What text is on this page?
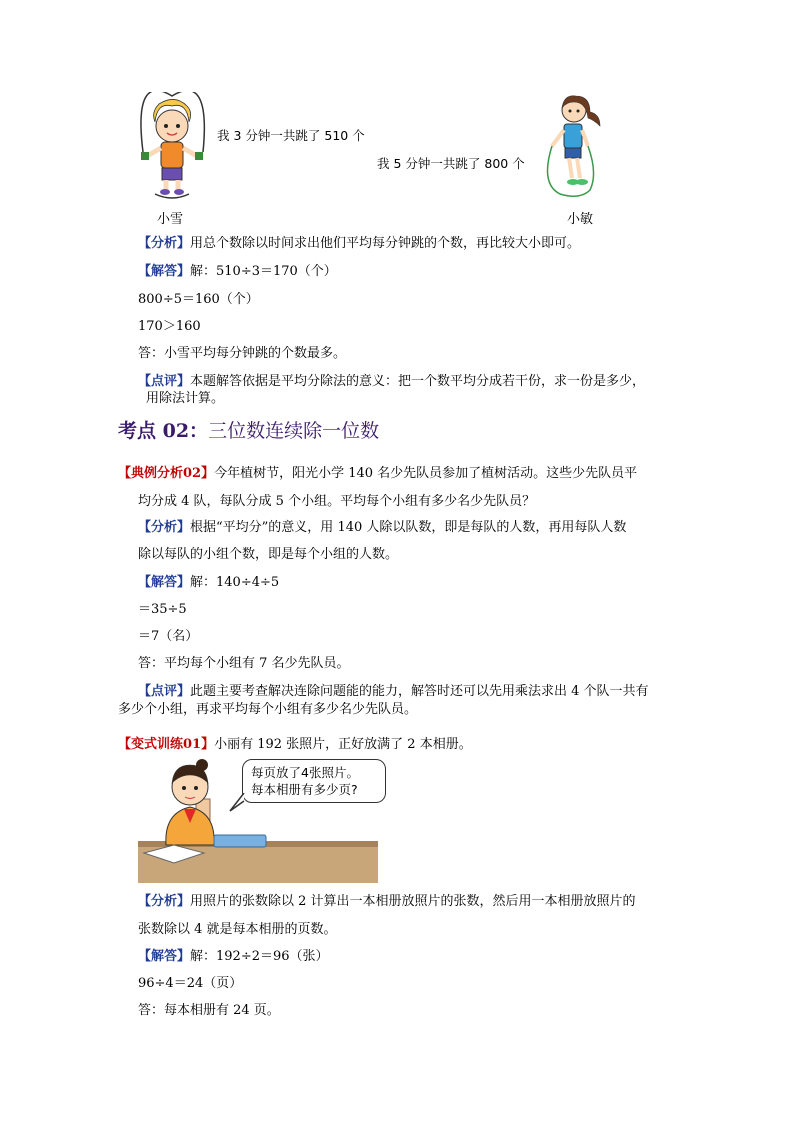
我 3 分钟一共跳了 510 个
我 5 分钟一共跳了 800 个
小雪	小敏
【分析】用总个数除以时间求出他们平均每分钟跳的个数，再比较大小即可。
【解答】解：510÷3＝170（个）
800÷5＝160（个）
170＞160
答：小雪平均每分钟跳的个数最多。
【点评】本题解答依据是平均分除法的意义：把一个数平均分成若干份，求一份是多少，
用除法计算。
考点 02：三位数连续除一位数
【典例分析02】今年植树节，阳光小学 140 名少先队员参加了植树活动。这些少先队员平
均分成 4 队，每队分成 5 个小组。平均每个小组有多少名少先队员？
【分析】根据“平均分”的意义，用 140 人除以队数，即是每队的人数，再用每队人数
除以每队的小组个数，即是每个小组的人数。
【解答】解：140÷4÷5
＝35÷5
＝7（名）
答：平均每个小组有 7 名少先队员。
【点评】此题主要考查解决连除问题能的能力，解答时还可以先用乘法求出 4 个队一共有
多少个小组，再求平均每个小组有多少名少先队员。
【变式训练01】小丽有 192 张照片，正好放满了 2 本相册。
每页放了4张照片。
每本相册有多少页?
【分析】用照片的张数除以 2 计算出一本相册放照片的张数，然后用一本相册放照片的
张数除以 4 就是每本相册的页数。
【解答】解：192÷2＝96（张）
96÷4＝24（页）
答：每本相册有 24 页。
